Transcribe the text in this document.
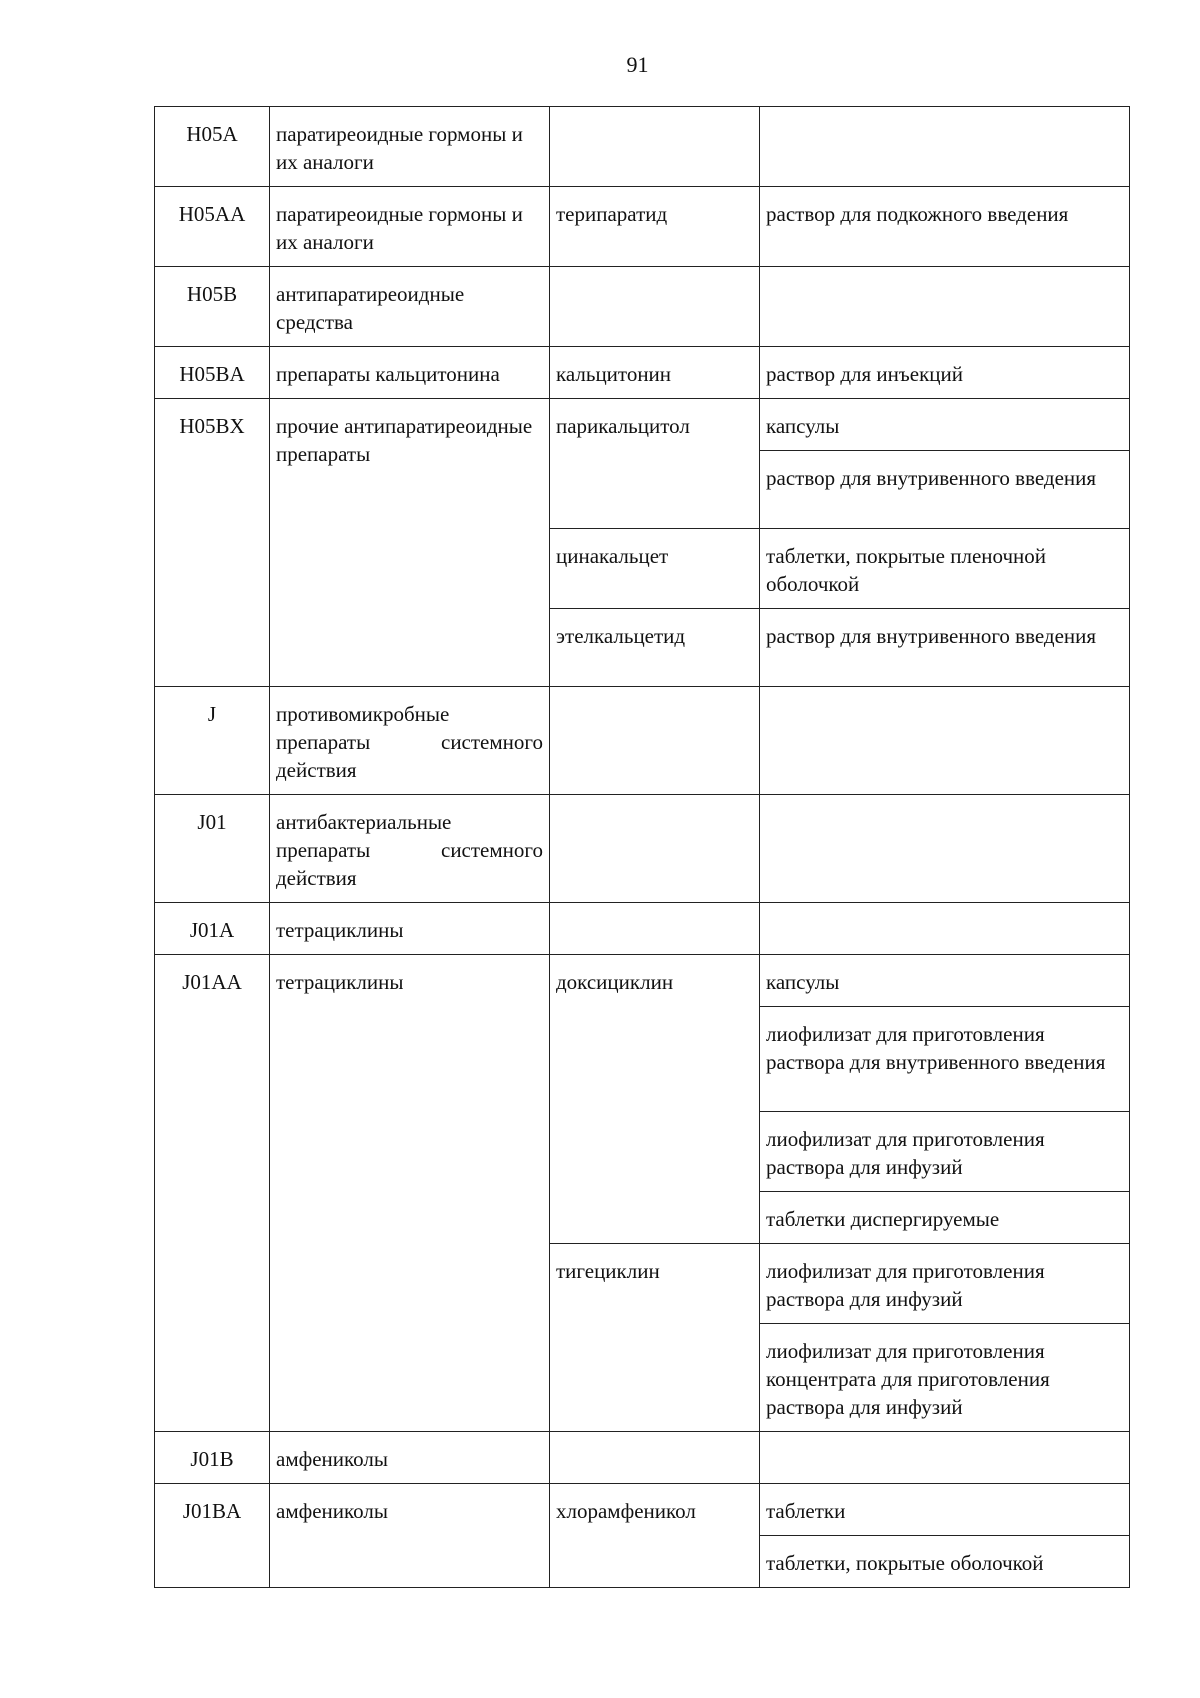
91
H05A	паратиреоидные гормоны и их аналоги		
H05AA	паратиреоидные гормоны и их аналоги	терипаратид	раствор для подкожного введения
H05B	антипаратиреоидные средства		
H05BA	препараты кальцитонина	кальцитонин	раствор для инъекций
H05BX	прочие антипаратиреоидные препараты	парикальцитол	капсулы
			раствор для внутривенного введения
		цинакальцет	таблетки, покрытые пленочной оболочкой
		этелкальцетид	раствор для внутривенного введения
J	противомикробные препараты системного действия		
J01	антибактериальные препараты системного действия		
J01A	тетрациклины		
J01AA	тетрациклины	доксициклин	капсулы
			лиофилизат для приготовления раствора для внутривенного введения
			лиофилизат для приготовления раствора для инфузий
			таблетки диспергируемые
		тигециклин	лиофилизат для приготовления раствора для инфузий
			лиофилизат для приготовления концентрата для приготовления раствора для инфузий
J01B	амфениколы		
J01BA	амфениколы	хлорамфеникол	таблетки
			таблетки, покрытые оболочкой
